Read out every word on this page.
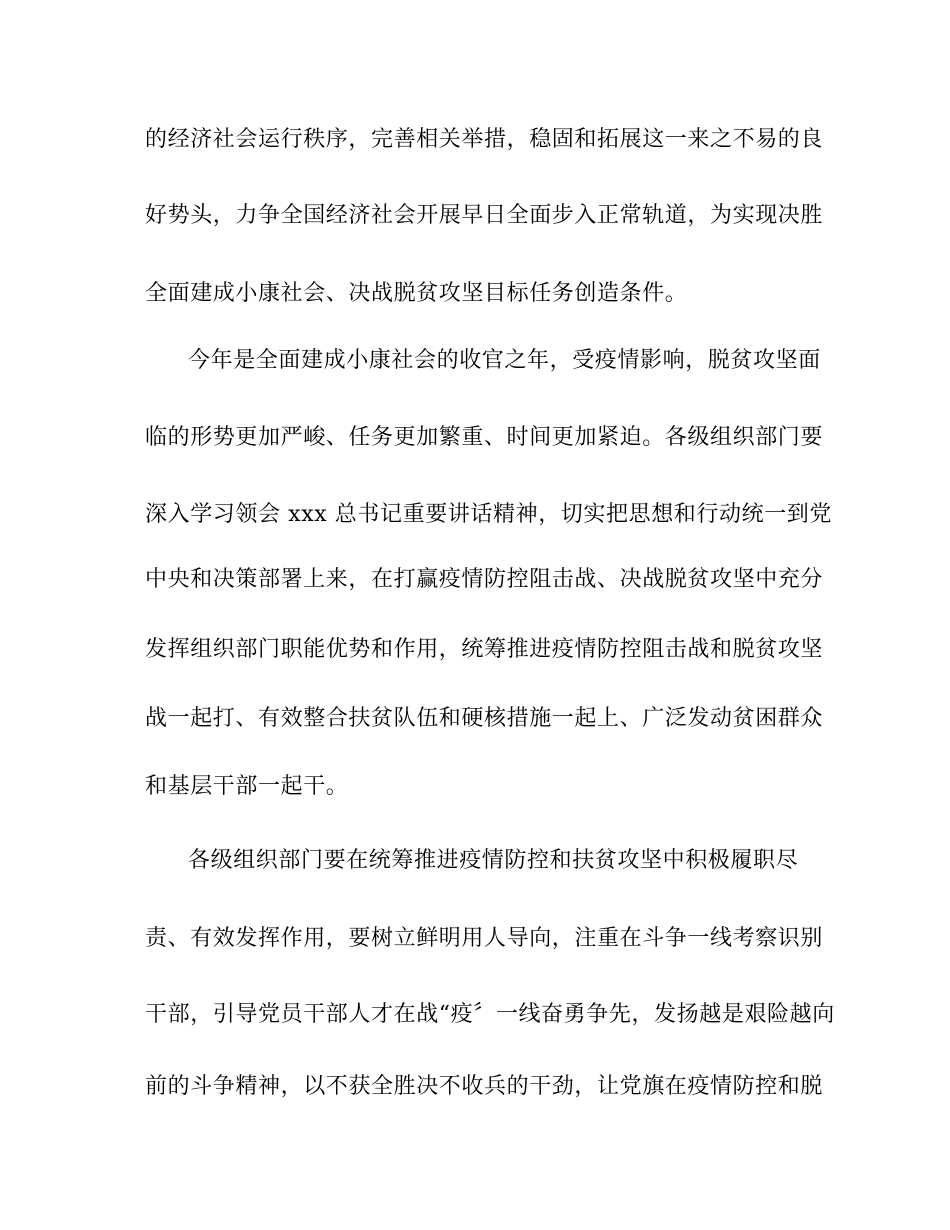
的经济社会运行秩序，完善相关举措，稳固和拓展这一来之不易的良
好势头，力争全国经济社会开展早日全面步入正常轨道，为实现决胜
全面建成小康社会、决战脱贫攻坚目标任务创造条件。
今年是全面建成小康社会的收官之年，受疫情影响，脱贫攻坚面
临的形势更加严峻、任务更加繁重、时间更加紧迫。各级组织部门要
深入学习领会 xxx 总书记重要讲话精神，切实把思想和行动统一到党
中央和决策部署上来，在打赢疫情防控阻击战、决战脱贫攻坚中充分
发挥组织部门职能优势和作用，统筹推进疫情防控阻击战和脱贫攻坚
战一起打、有效整合扶贫队伍和硬核措施一起上、广泛发动贫困群众
和基层干部一起干。
各级组织部门要在统筹推进疫情防控和扶贫攻坚中积极履职尽
责、有效发挥作用，要树立鲜明用人导向，注重在斗争一线考察识别
干部，引导党员干部人才在战“疫〞一线奋勇争先，发扬越是艰险越向
前的斗争精神，以不获全胜决不收兵的干劲，让党旗在疫情防控和脱
